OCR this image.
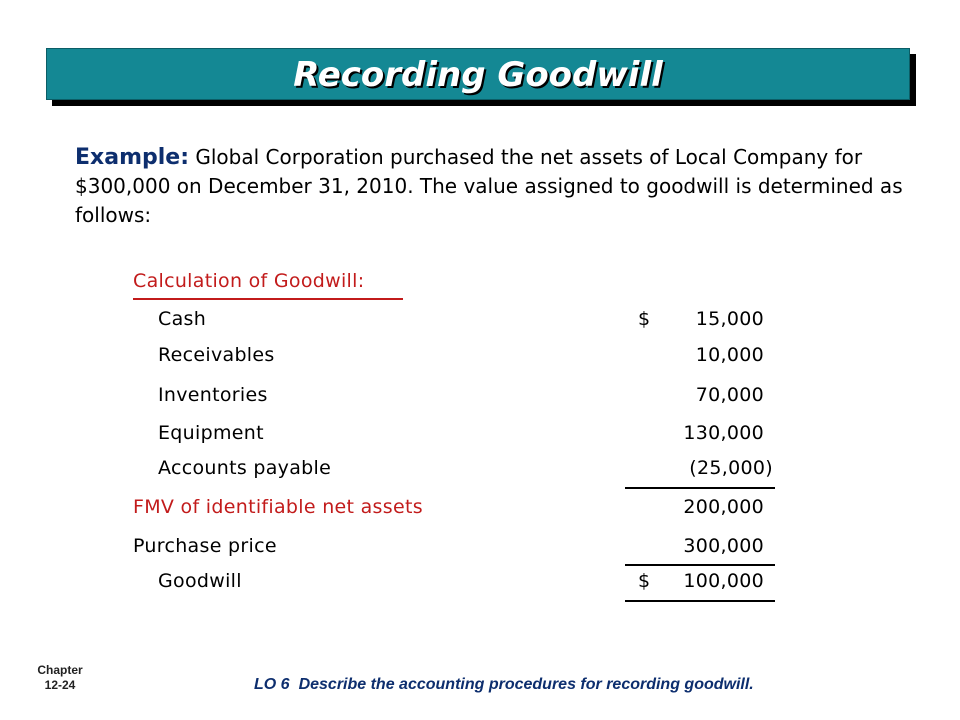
Recording Goodwill
Example: Global Corporation purchased the net assets of Local Company for $300,000 on December 31, 2010. The value assigned to goodwill is determined as follows:
Calculation of Goodwill:
Cash	$ 15,000
Receivables	10,000
Inventories	70,000
Equipment	130,000
Accounts payable	(25,000)
FMV of identifiable net assets	200,000
Purchase price	300,000
Goodwill	$ 100,000
Chapter
12-24	LO 6 Describe the accounting procedures for recording goodwill.
